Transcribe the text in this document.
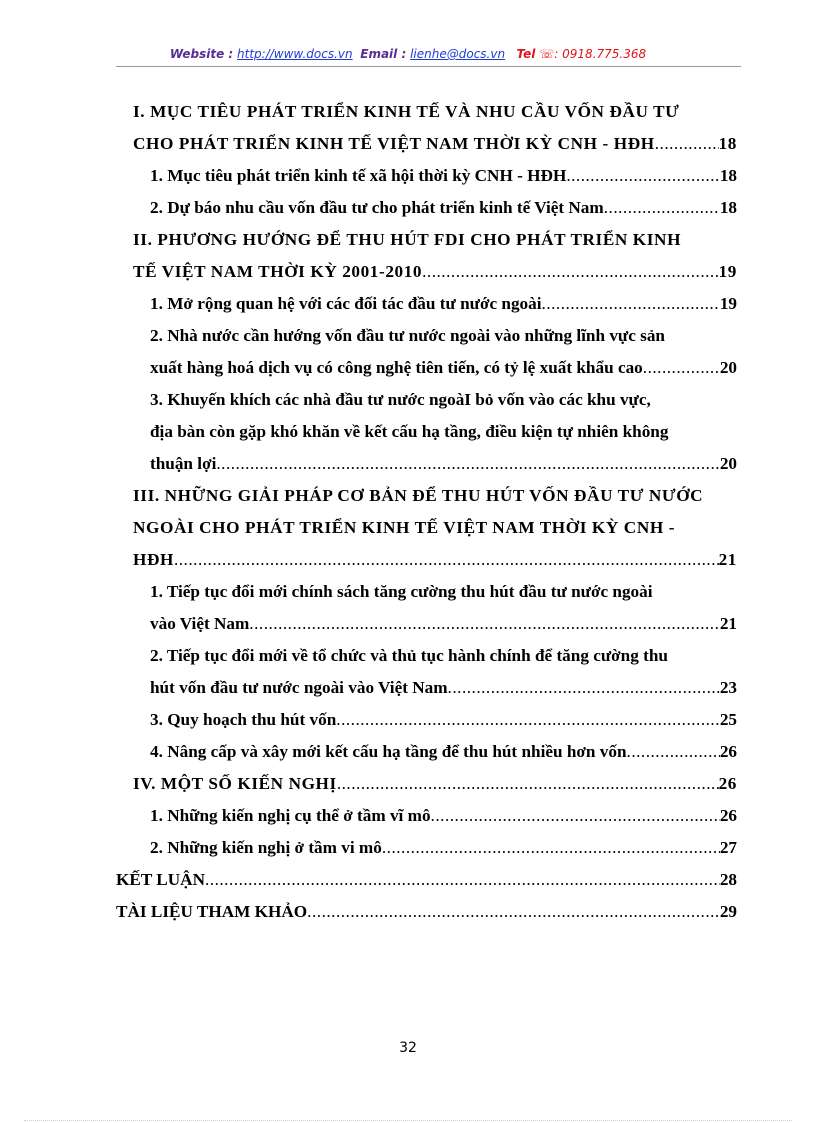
Website : http://www.docs.vn Email : lienhe@docs.vn Tel ☏: 0918.775.368
I. MỤC TIÊU PHÁT TRIỂN KINH TẾ VÀ NHU CẦU VỐN ĐẦU TƯ
CHO PHÁT TRIỂN KINH TẾ VIỆT NAM THỜI KỲ CNH - HĐH .....	18
1. Mục tiêu phát triển kinh tế xã hội thời kỳ CNH - HĐH .....	18
2. Dự báo nhu cầu vốn đầu tư cho phát triển kinh tế Việt Nam .....	18
II. PHƯƠNG HƯỚNG ĐỂ THU HÚT FDI CHO PHÁT TRIỂN KINH
TẾ VIỆT NAM THỜI KỲ 2001-2010 .....	19
1. Mở rộng quan hệ với các đối tác đầu tư nước ngoài .....	19
2. Nhà nước cần hướng vốn đầu tư nước ngoài vào những lĩnh vực sản
xuất hàng hoá dịch vụ có công nghệ tiên tiến, có tỷ lệ xuất khẩu cao .....	20
3. Khuyến khích các nhà đầu tư nước ngoàI bỏ vốn vào các khu vực,
địa bàn còn gặp khó khăn về kết cấu hạ tầng, điều kiện tự nhiên không
thuận lợi .....	20
III. NHỮNG GIẢI PHÁP CƠ BẢN ĐỂ THU HÚT VỐN ĐẦU TƯ NƯỚC
NGOÀI CHO PHÁT TRIỂN KINH TẾ VIỆT NAM THỜI KỲ CNH -
HĐH .....	21
1. Tiếp tục đổi mới chính sách tăng cường thu hút đầu tư nước ngoài
vào Việt Nam .....	21
2. Tiếp tục đổi mới về tổ chức và thủ tục hành chính để tăng cường thu
hút vốn đầu tư nước ngoài vào Việt Nam .....	23
3. Quy hoạch thu hút vốn .....	25
4. Nâng cấp và xây mới kết cấu hạ tầng để thu hút nhiều hơn vốn .....	26
IV. MỘT SỐ KIẾN NGHỊ .....	26
1. Những kiến nghị cụ thể ở tầm vĩ mô .....	26
2. Những kiến nghị ở tầm vi mô .....	27
KẾT LUẬN .....	28
TÀI LIỆU THAM KHẢO .....	29
32
